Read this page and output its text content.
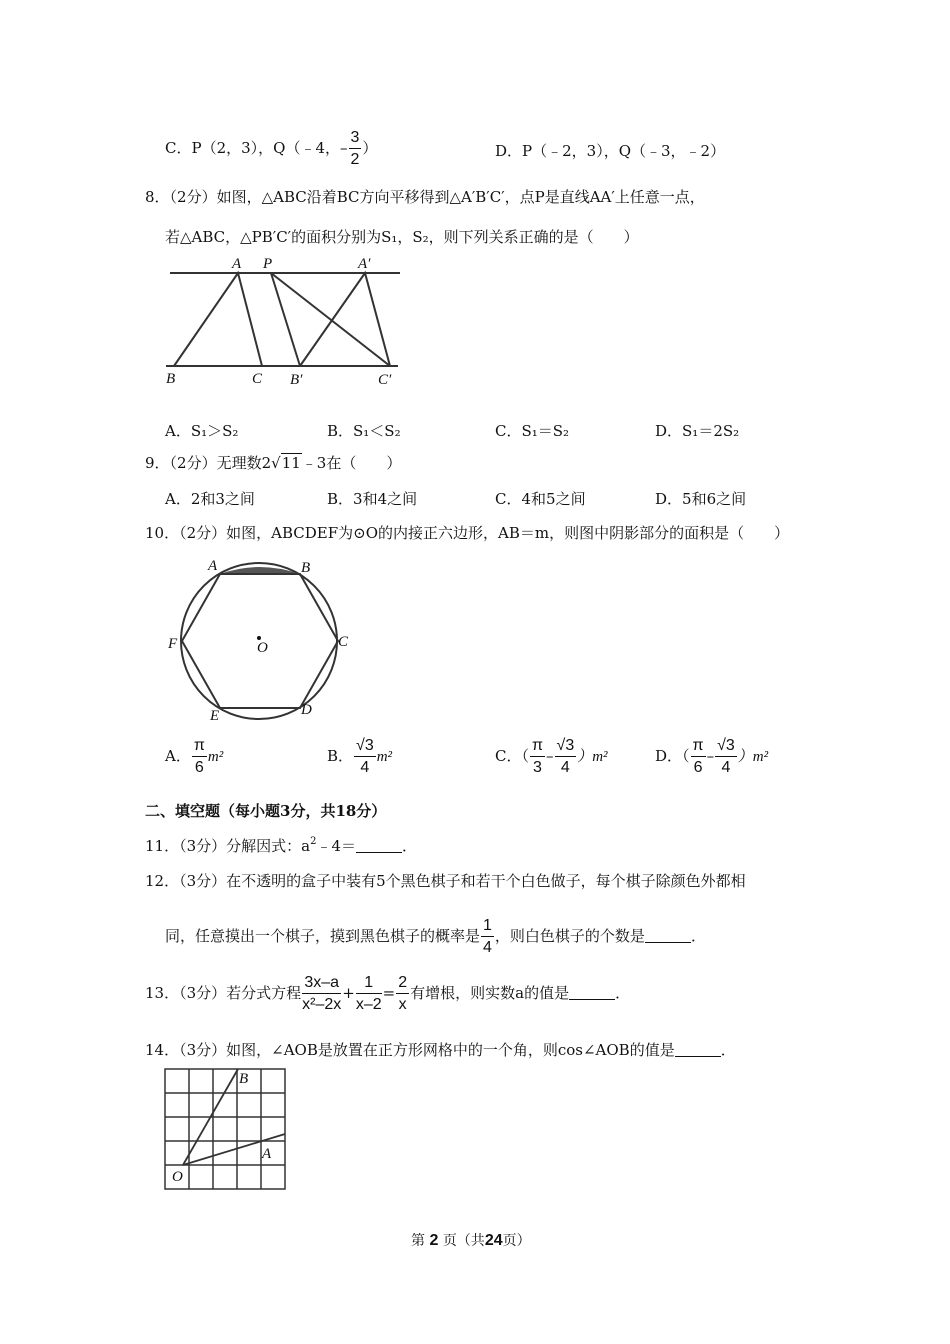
C．P（2，3），Q（﹣4，– $\frac{3}{2}$ ）	D．P（﹣2，3），Q（﹣3，﹣2）
8．（2分）如图，△ABC沿着BC方向平移得到△A′B′C′，点P是直线AA′上任意一点，
若△ABC，△PB′C′的面积分别为S₁，S₂，则下列关系正确的是（　　）
A P	A′
B	C B′	C′
A．S₁＞S₂	B．S₁＜S₂	C．S₁＝S₂	D．S₁＝2S₂
9．（2分）无理数2√11﹣3在（　　）
A．2和3之间	B．3和4之间	C．4和5之间	D．5和6之间
10．（2分）如图，ABCDEF为⊙O的内接正六边形，AB＝m，则图中阴影部分的面积是（　　）
A	B
C
D
E
F	O
A． $\frac{\pi}{6} m^2$	B． $\frac{√3}{4} m^2$	C．（ $\frac{\pi}{3} - \frac{√3}{4} )m^2$	D．（ $\frac{\pi}{6} - \frac{√3}{4} )m^2$
二、填空题（每小题3分，共18分）
11．（3分）分解因式：$a^2﹣4=$	．
12．（3分）在不透明的盒子中装有5个黑色棋子和若干个白色做子，每个棋子除颜色外都相
同，任意摸出一个棋子，摸到黑色棋子的概率是 $\frac{1}{4}$ ，则白色棋子的个数是	．
13．（3分）若分式方程 $\frac{3x-a}{\text{x²–2x}} + \frac{1}{x-2} = \frac{2}{x}$ 有增根，则实数a的值是	．
14．（3分）如图，∠AOB是放置在正方形网格中的一个角，则cos∠AOB的值是	．
B
A
O
第 2 页（共24页）
